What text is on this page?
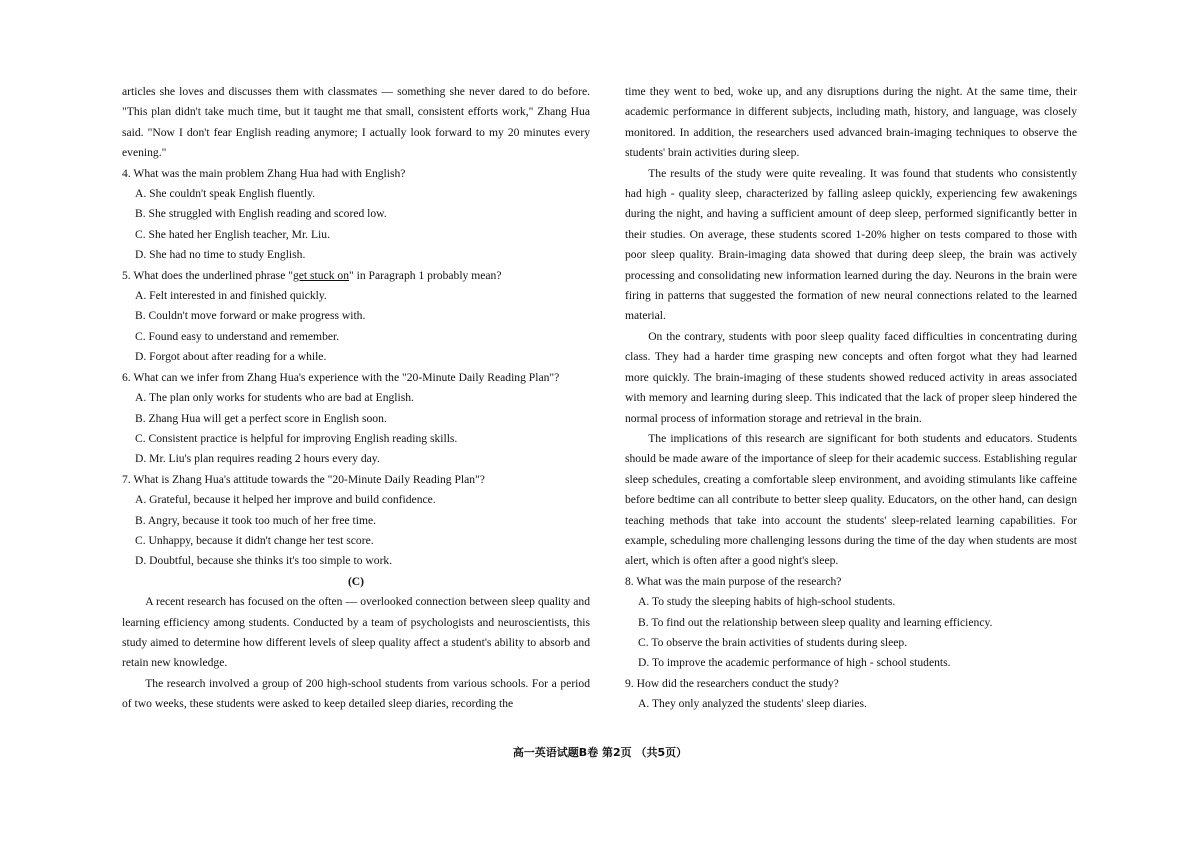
articles she loves and discusses them with classmates — something she never dared to do before. "This plan didn't take much time, but it taught me that small, consistent efforts work," Zhang Hua said. "Now I don't fear English reading anymore; I actually look forward to my 20 minutes every evening."

4. What was the main problem Zhang Hua had with English?

A. She couldn't speak English fluently.

B. She struggled with English reading and scored low.

C. She hated her English teacher, Mr. Liu.

D. She had no time to study English.

5. What does the underlined phrase "get stuck on" in Paragraph 1 probably mean?

A. Felt interested in and finished quickly.

B. Couldn't move forward or make progress with.

C. Found easy to understand and remember.

D. Forgot about after reading for a while.

6. What can we infer from Zhang Hua's experience with the "20-Minute Daily Reading Plan"?

A. The plan only works for students who are bad at English.

B. Zhang Hua will get a perfect score in English soon.

C. Consistent practice is helpful for improving English reading skills.

D. Mr. Liu's plan requires reading 2 hours every day.

7. What is Zhang Hua's attitude towards the "20-Minute Daily Reading Plan"?

A. Grateful, because it helped her improve and build confidence.

B. Angry, because it took too much of her free time.

C. Unhappy, because it didn't change her test score.

D. Doubtful, because she thinks it's too simple to work.

(C)

A recent research has focused on the often — overlooked connection between sleep quality and learning efficiency among students. Conducted by a team of psychologists and neuroscientists, this study aimed to determine how different levels of sleep quality affect a student's ability to absorb and retain new knowledge.

The research involved a group of 200 high-school students from various schools. For a period of two weeks, these students were asked to keep detailed sleep diaries, recording the

time they went to bed, woke up, and any disruptions during the night. At the same time, their academic performance in different subjects, including math, history, and language, was closely monitored. In addition, the researchers used advanced brain-imaging techniques to observe the students' brain activities during sleep.

The results of the study were quite revealing. It was found that students who consistently had high - quality sleep, characterized by falling asleep quickly, experiencing few awakenings during the night, and having a sufficient amount of deep sleep, performed significantly better in their studies. On average, these students scored 1-20% higher on tests compared to those with poor sleep quality. Brain-imaging data showed that during deep sleep, the brain was actively processing and consolidating new information learned during the day. Neurons in the brain were firing in patterns that suggested the formation of new neural connections related to the learned material.

On the contrary, students with poor sleep quality faced difficulties in concentrating during class. They had a harder time grasping new concepts and often forgot what they had learned more quickly. The brain-imaging of these students showed reduced activity in areas associated with memory and learning during sleep. This indicated that the lack of proper sleep hindered the normal process of information storage and retrieval in the brain.

The implications of this research are significant for both students and educators. Students should be made aware of the importance of sleep for their academic success. Establishing regular sleep schedules, creating a comfortable sleep environment, and avoiding stimulants like caffeine before bedtime can all contribute to better sleep quality. Educators, on the other hand, can design teaching methods that take into account the students' sleep-related learning capabilities. For example, scheduling more challenging lessons during the time of the day when students are most alert, which is often after a good night's sleep.

8. What was the main purpose of the research?

A. To study the sleeping habits of high-school students.

B. To find out the relationship between sleep quality and learning efficiency.

C. To observe the brain activities of students during sleep.

D. To improve the academic performance of high - school students.

9. How did the researchers conduct the study?

A. They only analyzed the students' sleep diaries.

高一英语试题B卷 第2页 （共5页）
